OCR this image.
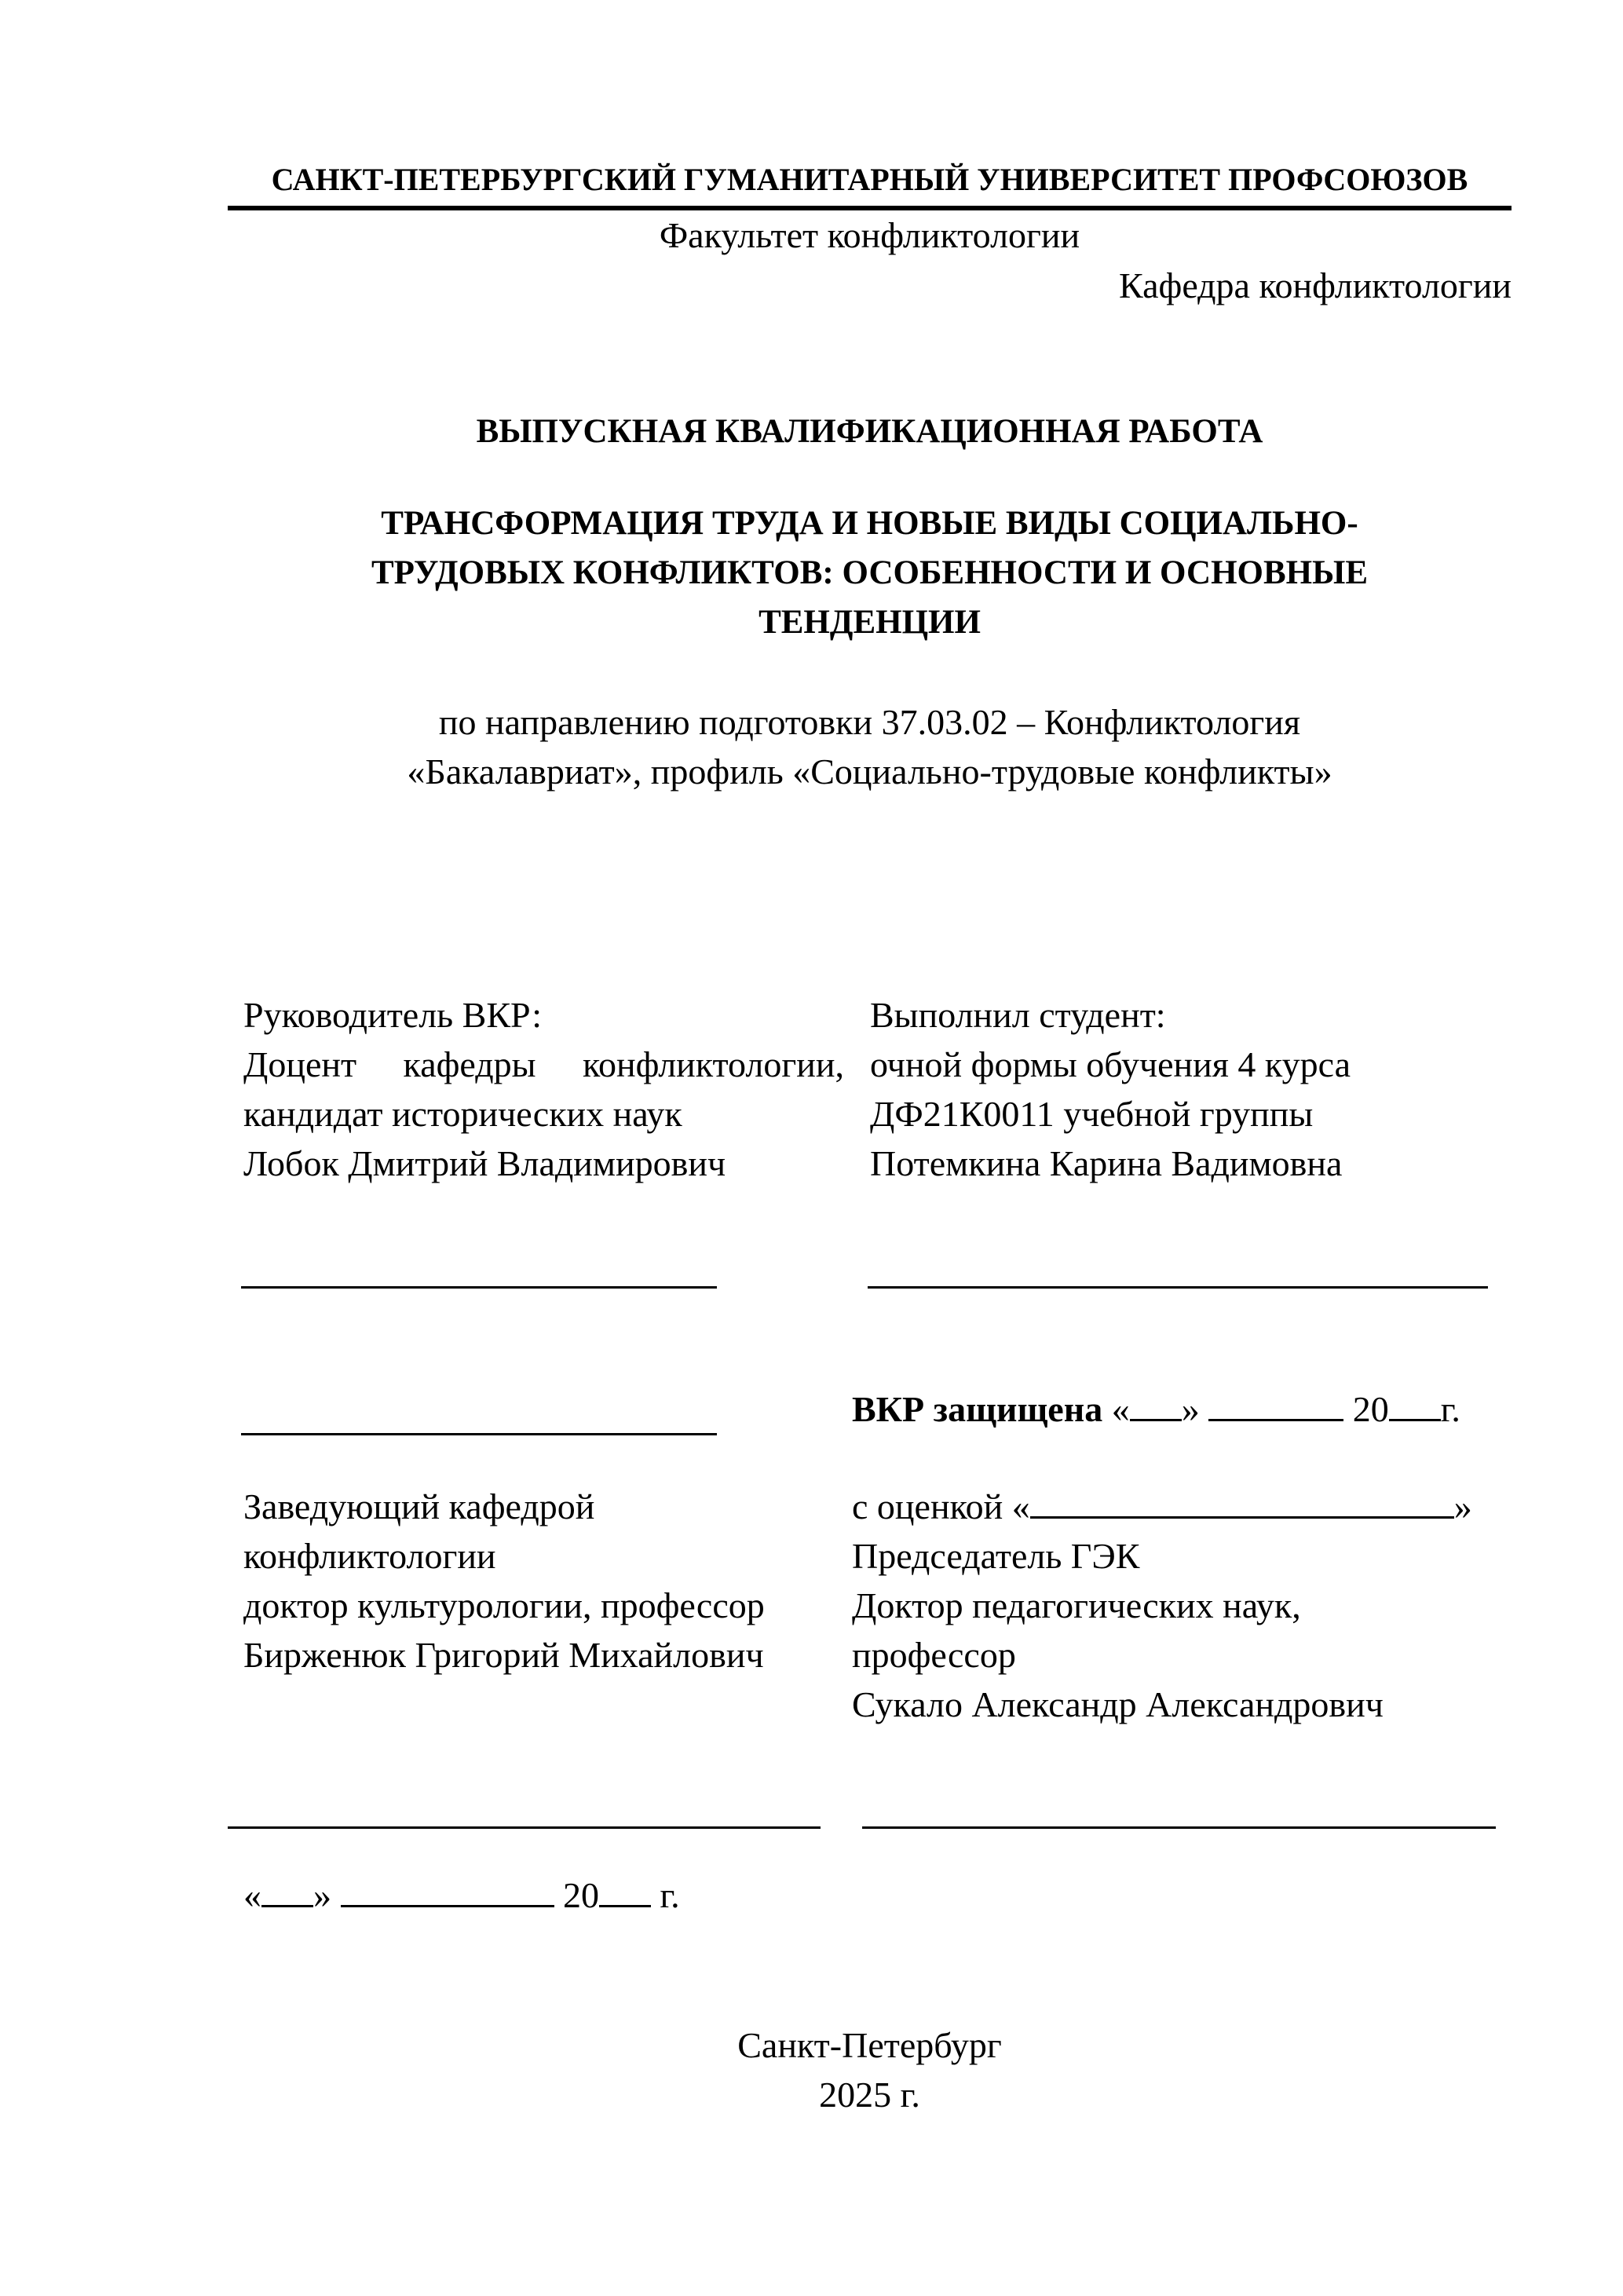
САНКТ-ПЕТЕРБУРГСКИЙ ГУМАНИТАРНЫЙ УНИВЕРСИТЕТ ПРОФСОЮЗОВ
Факультет конфликтологии
Кафедра конфликтологии
ВЫПУСКНАЯ КВАЛИФИКАЦИОННАЯ РАБОТА
ТРАНСФОРМАЦИЯ ТРУДА И НОВЫЕ ВИДЫ СОЦИАЛЬНО-
ТРУДОВЫХ КОНФЛИКТОВ: ОСОБЕННОСТИ И ОСНОВНЫЕ
ТЕНДЕНЦИИ
по направлению подготовки 37.03.02 – Конфликтология
«Бакалавриат», профиль «Социально-трудовые конфликты»
Руководитель ВКР:
Доцент кафедры конфликтологии,
кандидат исторических наук
Лобок Дмитрий Владимирович
Выполнил студент:
очной формы обучения 4 курса
ДФ21К0011 учебной группы
Потемкина Карина Вадимовна
ВКР защищена « »	20 г.
Заведующий кафедрой
конфликтологии
доктор культурологии, профессор
Бирженюк Григорий Михайлович
с оценкой «	»
Председатель ГЭК
Доктор педагогических наук,
профессор
Сукало Александр Александрович
« »	20 г.
Санкт-Петербург
2025 г.
